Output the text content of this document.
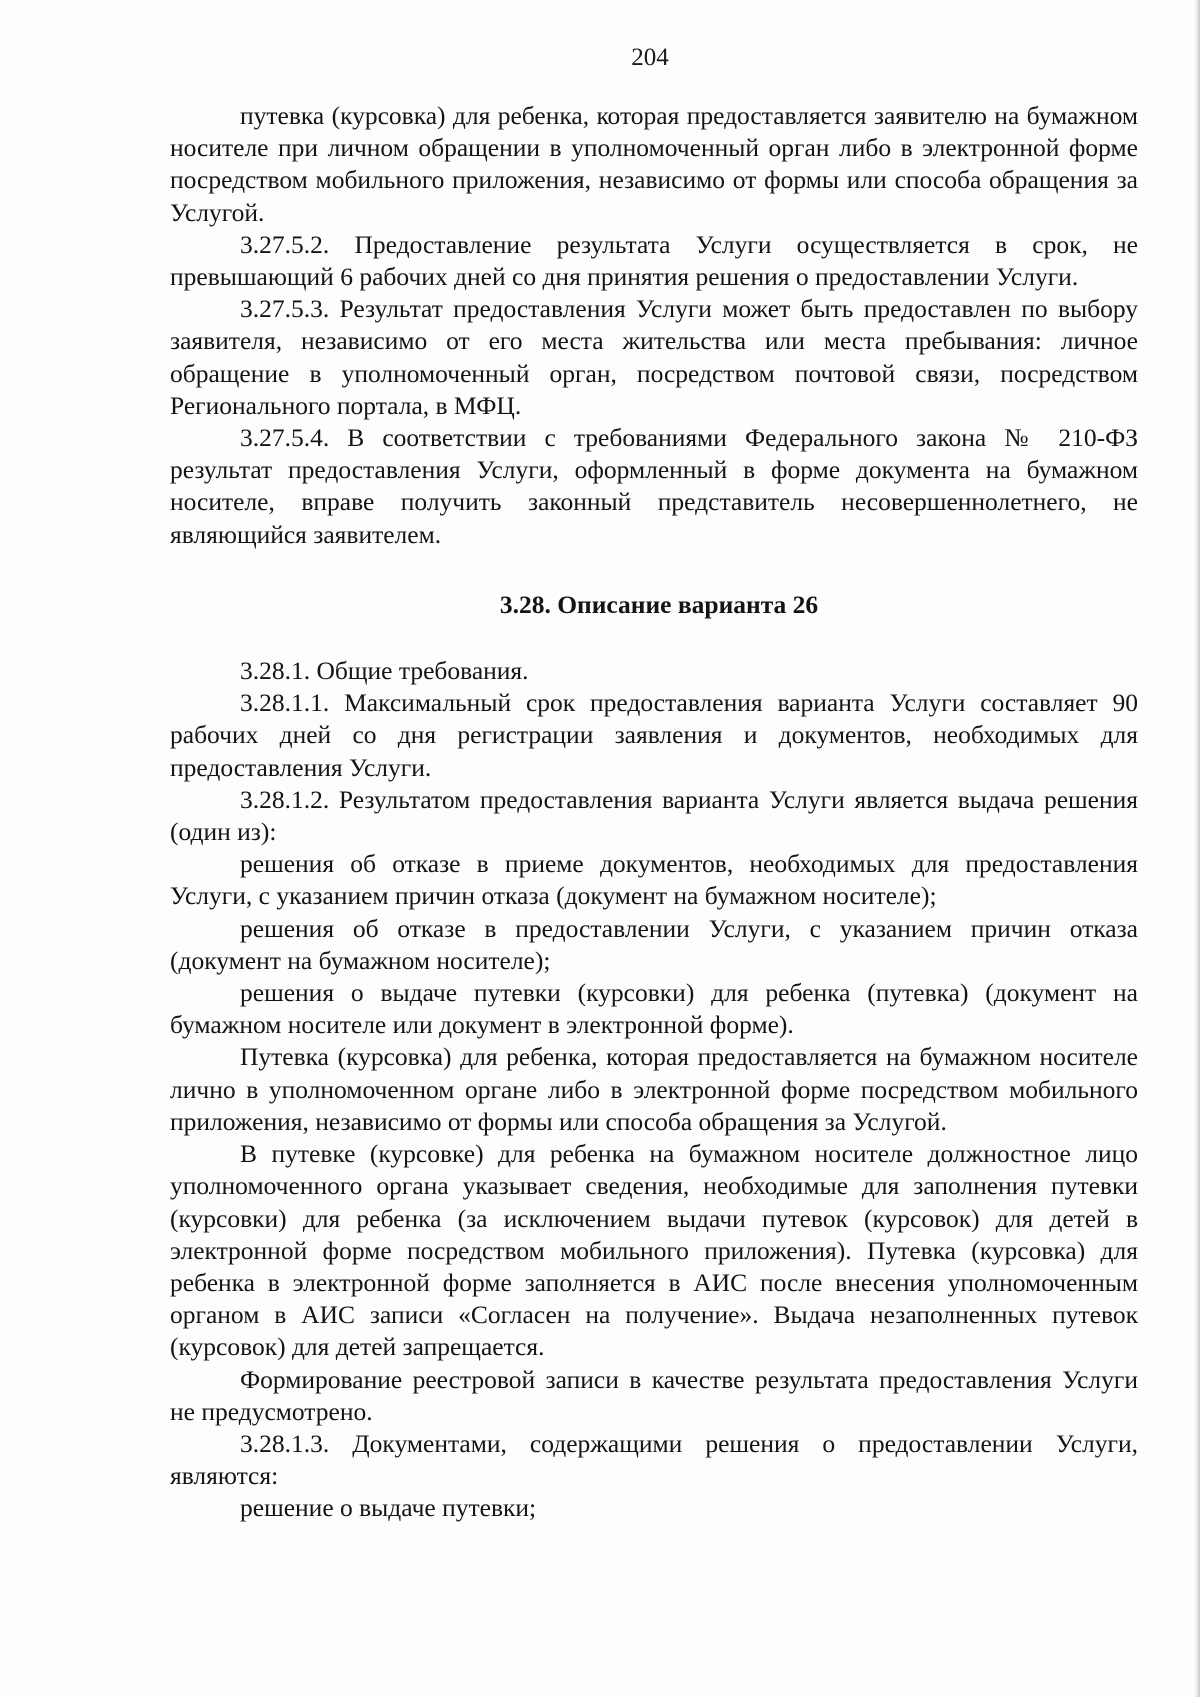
204

путевка (курсовка) для ребенка, которая предоставляется заявителю на бумажном носителе при личном обращении в уполномоченный орган либо в электронной форме посредством мобильного приложения, независимо от формы или способа обращения за Услугой.

3.27.5.2. Предоставление результата Услуги осуществляется в срок, не превышающий 6 рабочих дней со дня принятия решения о предоставлении Услуги.

3.27.5.3. Результат предоставления Услуги может быть предоставлен по выбору заявителя, независимо от его места жительства или места пребывания: личное обращение в уполномоченный орган, посредством почтовой связи, посредством Регионального портала, в МФЦ.

3.27.5.4. В соответствии с требованиями Федерального закона № 210-ФЗ результат предоставления Услуги, оформленный в форме документа на бумажном носителе, вправе получить законный представитель несовершеннолетнего, не являющийся заявителем.

3.28. Описание варианта 26

3.28.1. Общие требования.

3.28.1.1. Максимальный срок предоставления варианта Услуги составляет 90 рабочих дней со дня регистрации заявления и документов, необходимых для предоставления Услуги.

3.28.1.2. Результатом предоставления варианта Услуги является выдача решения (один из):

решения об отказе в приеме документов, необходимых для предоставления Услуги, с указанием причин отказа (документ на бумажном носителе);

решения об отказе в предоставлении Услуги, с указанием причин отказа (документ на бумажном носителе);

решения о выдаче путевки (курсовки) для ребенка (путевка) (документ на бумажном носителе или документ в электронной форме).

Путевка (курсовка) для ребенка, которая предоставляется на бумажном носителе лично в уполномоченном органе либо в электронной форме посредством мобильного приложения, независимо от формы или способа обращения за Услугой.

В путевке (курсовке) для ребенка на бумажном носителе должностное лицо уполномоченного органа указывает сведения, необходимые для заполнения путевки (курсовки) для ребенка (за исключением выдачи путевок (курсовок) для детей в электронной форме посредством мобильного приложения). Путевка (курсовка) для ребенка в электронной форме заполняется в АИС после внесения уполномоченным органом в АИС записи «Согласен на получение». Выдача незаполненных путевок (курсовок) для детей запрещается.

Формирование реестровой записи в качестве результата предоставления Услуги не предусмотрено.

3.28.1.3. Документами, содержащими решения о предоставлении Услуги, являются:

решение о выдаче путевки;
